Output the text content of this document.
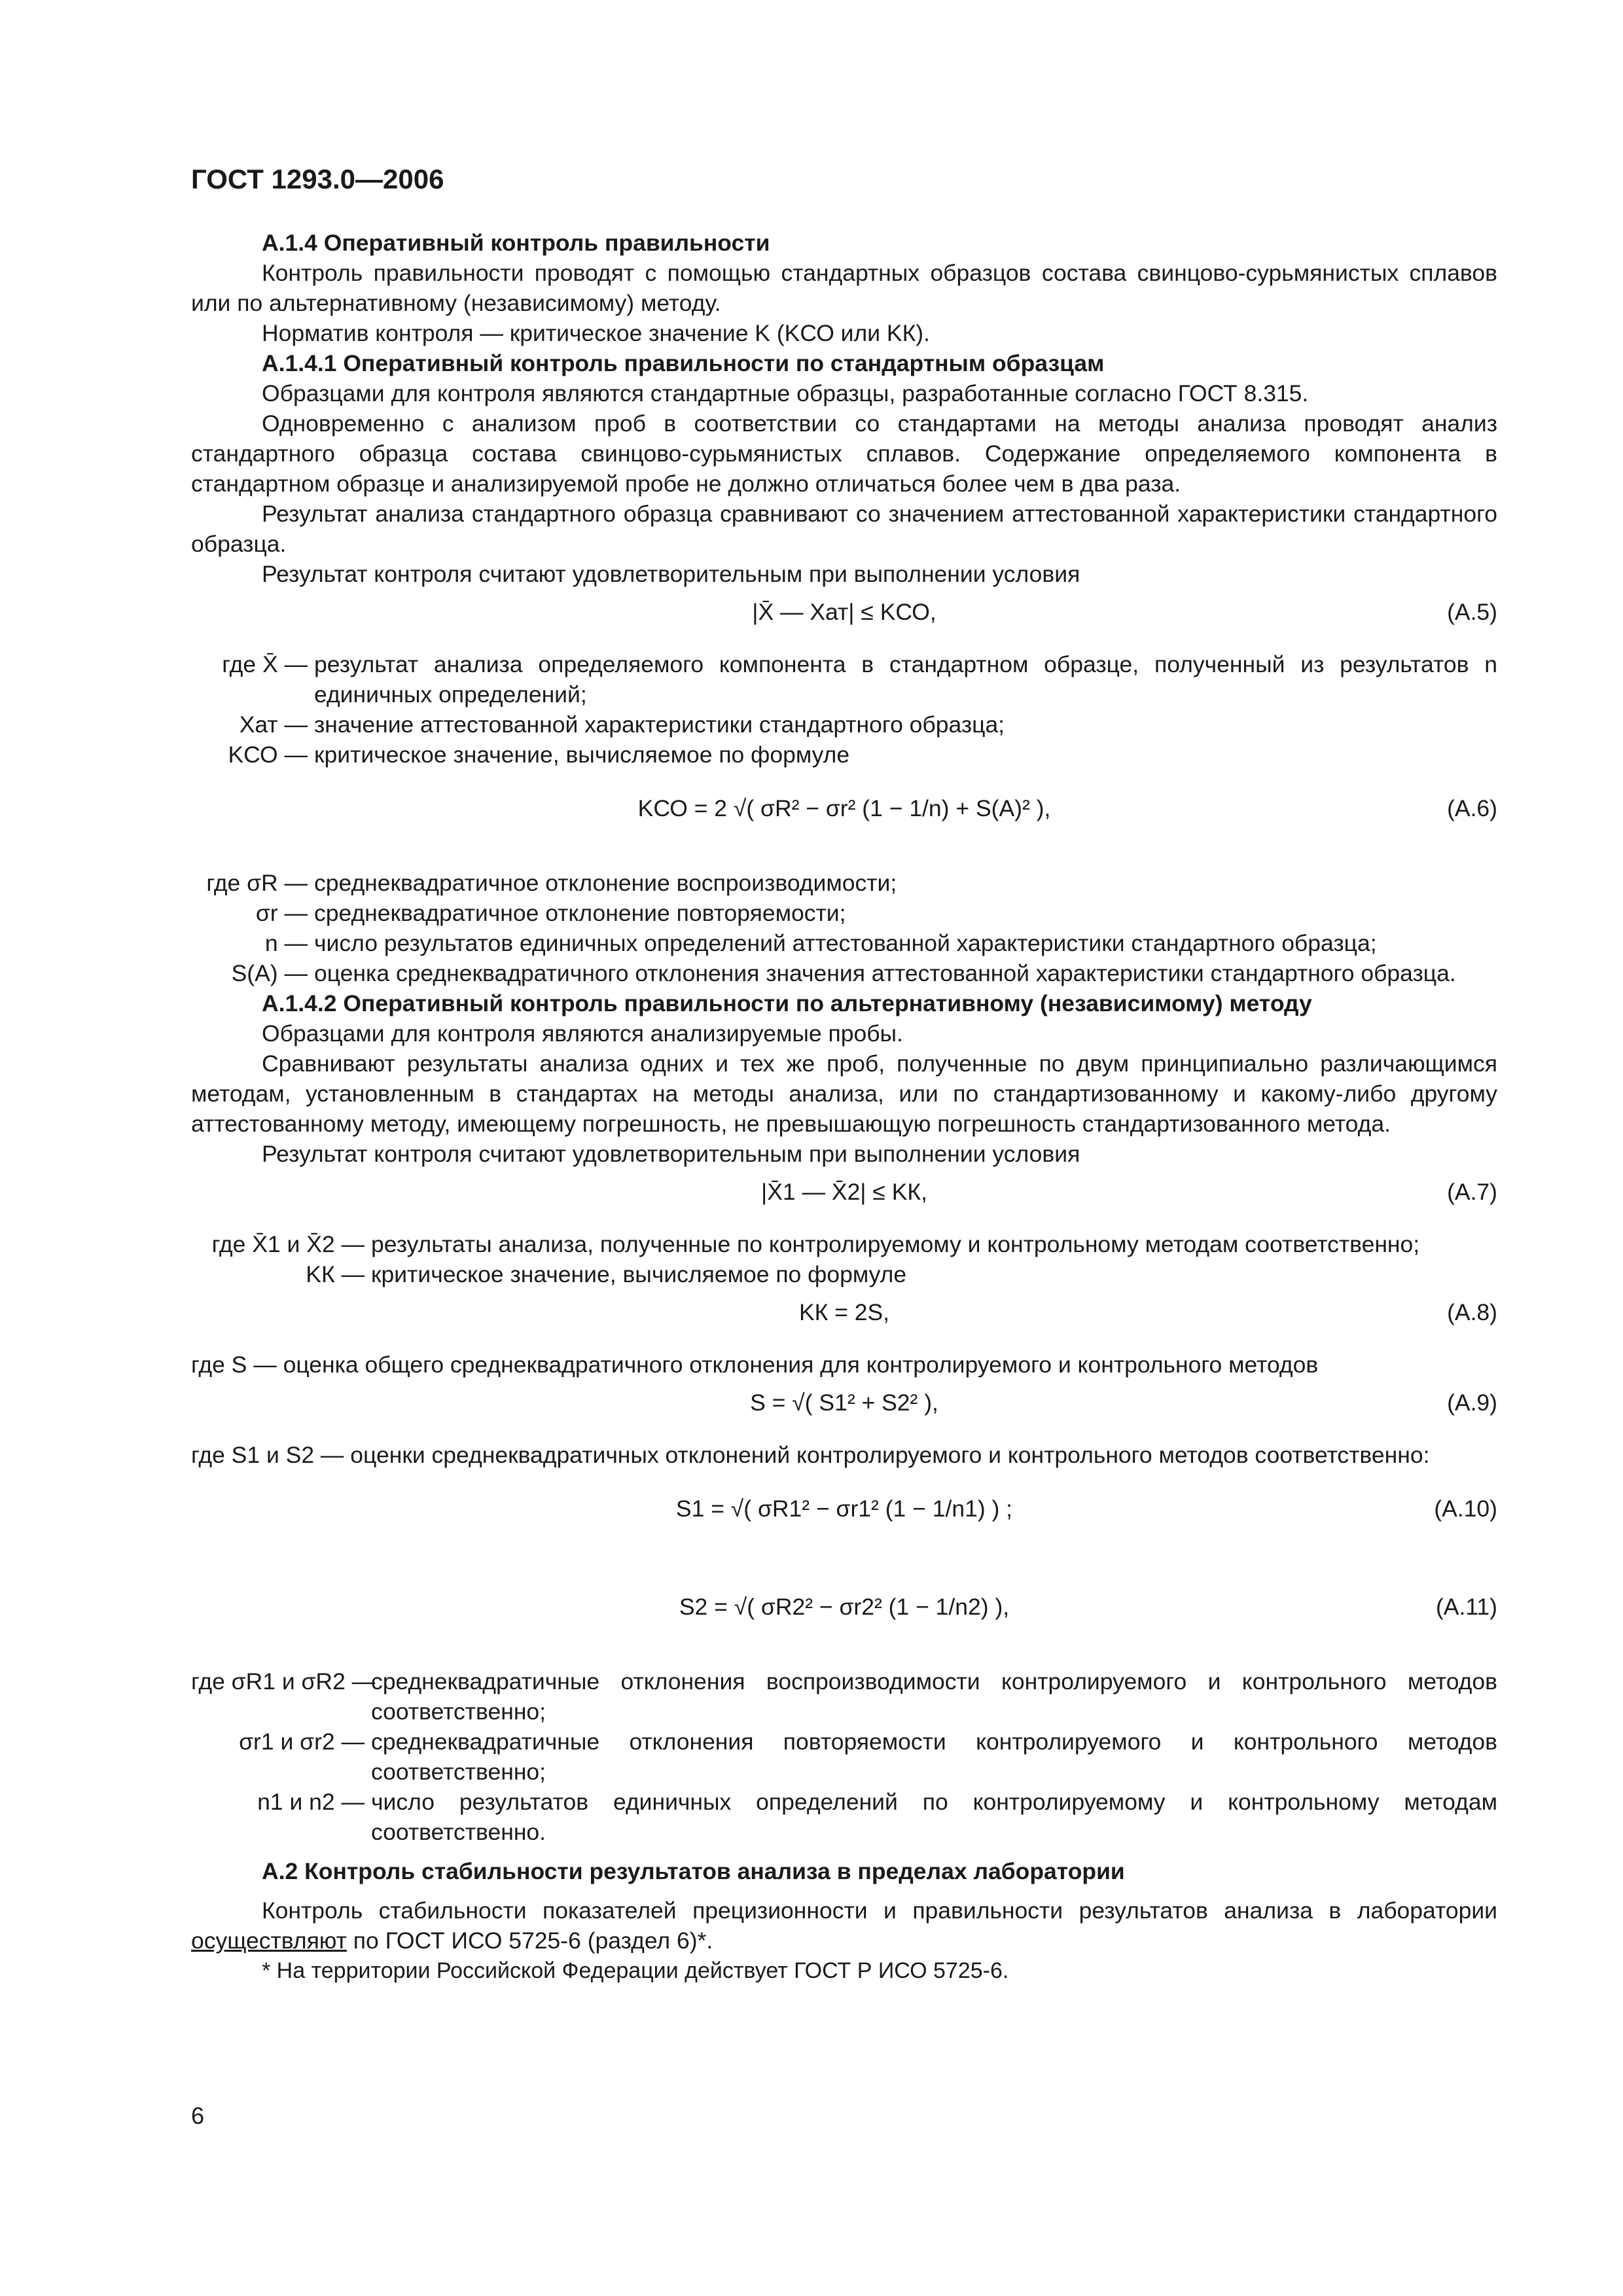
ГОСТ 1293.0—2006

А.1.4 Оперативный контроль правильности

Контроль правильности проводят с помощью стандартных образцов состава свинцово-сурьмянистых сплавов или по альтернативному (независимому) методу.

Норматив контроля — критическое значение K (KСО или KК).

А.1.4.1 Оперативный контроль правильности по стандартным образцам

Образцами для контроля являются стандартные образцы, разработанные согласно ГОСТ 8.315.

Одновременно с анализом проб в соответствии со стандартами на методы анализа проводят анализ стандартного образца состава свинцово-сурьмянистых сплавов. Содержание определяемого компонента в стандартном образце и анализируемой пробе не должно отличаться более чем в два раза.

Результат анализа стандартного образца сравнивают со значением аттестованной характеристики стандартного образца.

Результат контроля считают удовлетворительным при выполнении условия

|X̄ — Xат| ≤ KСО,	(А.5)
где X̄ — результат анализа определяемого компонента в стандартном образце, полученный из результатов n единичных определений;
Xат — значение аттестованной характеристики стандартного образца;
KСО — критическое значение, вычисляемое по формуле
KСО = 2 √( σR² − σr² (1 − 1/n) + S(А)² ),	(А.6)
где σR — среднеквадратичное отклонение воспроизводимости;
σr — среднеквадратичное отклонение повторяемости;
n — число результатов единичных определений аттестованной характеристики стандартного образца;
S(А) — оценка среднеквадратичного отклонения значения аттестованной характеристики стандартного образца.

А.1.4.2 Оперативный контроль правильности по альтернативному (независимому) методу

Образцами для контроля являются анализируемые пробы.

Сравнивают результаты анализа одних и тех же проб, полученные по двум принципиально различающимся методам, установленным в стандартах на методы анализа, или по стандартизованному и какому-либо другому аттестованному методу, имеющему погрешность, не превышающую погрешность стандартизованного метода.

Результат контроля считают удовлетворительным при выполнении условия

|X̄1 — X̄2| ≤ KК,	(А.7)
где X̄1 и X̄2 — результаты анализа, полученные по контролируемому и контрольному методам соответственно;
KК — критическое значение, вычисляемое по формуле
KК = 2S,	(А.8)

где S — оценка общего среднеквадратичного отклонения для контролируемого и контрольного методов

S = √( S1² + S2² ),	(А.9)

где S1 и S2 — оценки среднеквадратичных отклонений контролируемого и контрольного методов соответственно:

S1 = √( σR1² − σr1² (1 − 1/n1) ) ;	(А.10)
S2 = √( σR2² − σr2² (1 − 1/n2) ),	(А.11)
где σR1 и σR2 —
среднеквадратичные отклонения воспроизводимости контролируемого и контрольного методов соответственно;
σr1 и σr2 — среднеквадратичные отклонения повторяемости контролируемого и контрольного методов соответственно;
n1 и n2 — число результатов единичных определений по контролируемому и контрольному методам соответственно.

А.2 Контроль стабильности результатов анализа в пределах лаборатории

Контроль стабильности показателей прецизионности и правильности результатов анализа в лаборатории осуществляют по ГОСТ ИСО 5725-6 (раздел 6)*.

* На территории Российской Федерации действует ГОСТ Р ИСО 5725-6.

6
